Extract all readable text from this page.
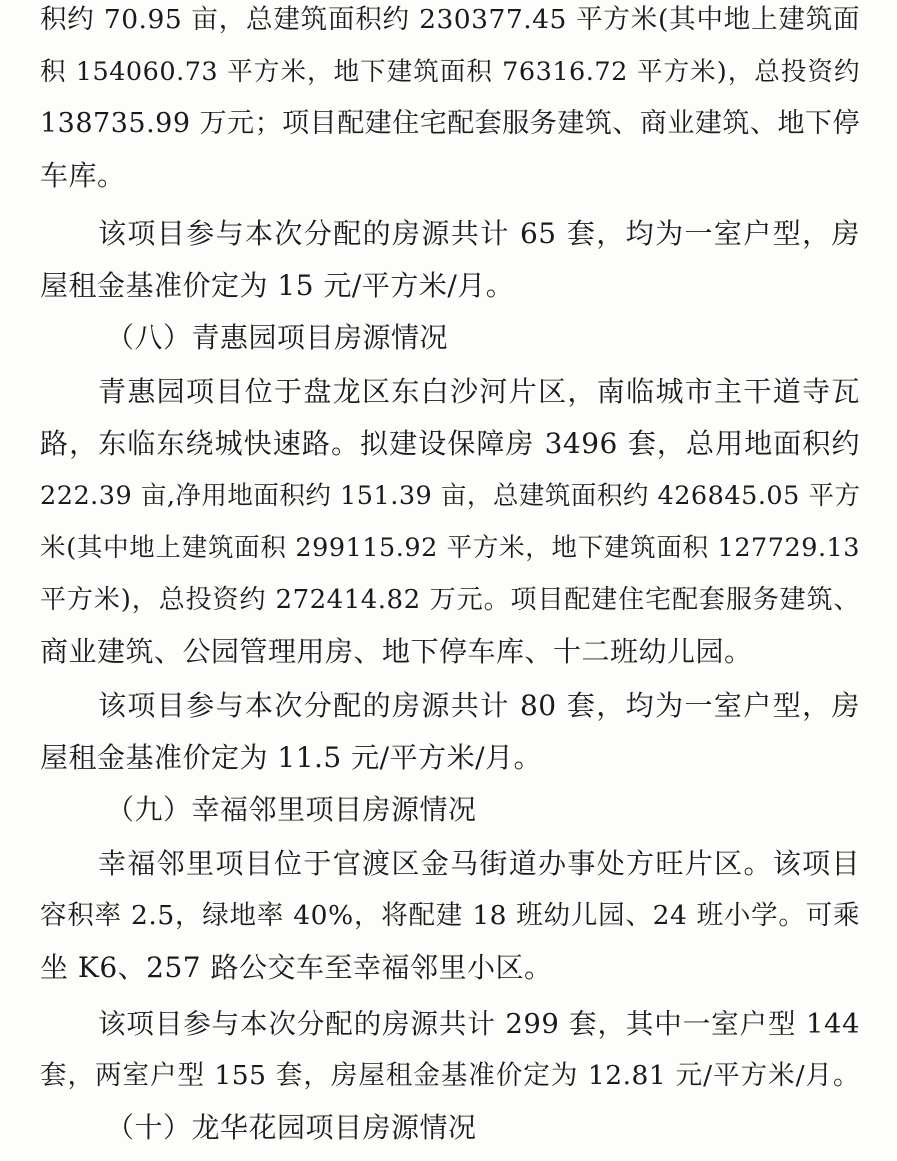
积约 70.95 亩，总建筑面积约 230377.45 平方米(其中地上建筑面
积 154060.73 平方米，地下建筑面积 76316.72 平方米)，总投资约
138735.99 万元；项目配建住宅配套服务建筑、商业建筑、地下停
车库。
该项目参与本次分配的房源共计 65 套，均为一室户型，房
屋租金基准价定为 15 元/平方米/月。
（八）青惠园项目房源情况
青惠园项目位于盘龙区东白沙河片区，南临城市主干道寺瓦
路，东临东绕城快速路。拟建设保障房 3496 套，总用地面积约
222.39 亩,净用地面积约 151.39 亩，总建筑面积约 426845.05 平方
米(其中地上建筑面积 299115.92 平方米，地下建筑面积 127729.13
平方米)，总投资约 272414.82 万元。项目配建住宅配套服务建筑、
商业建筑、公园管理用房、地下停车库、十二班幼儿园。
该项目参与本次分配的房源共计 80 套，均为一室户型，房
屋租金基准价定为 11.5 元/平方米/月。
（九）幸福邻里项目房源情况
幸福邻里项目位于官渡区金马街道办事处方旺片区。该项目
容积率 2.5，绿地率 40%，将配建 18 班幼儿园、24 班小学。可乘
坐 K6、257 路公交车至幸福邻里小区。
该项目参与本次分配的房源共计 299 套，其中一室户型 144
套，两室户型 155 套，房屋租金基准价定为 12.81 元/平方米/月。
（十）龙华花园项目房源情况
